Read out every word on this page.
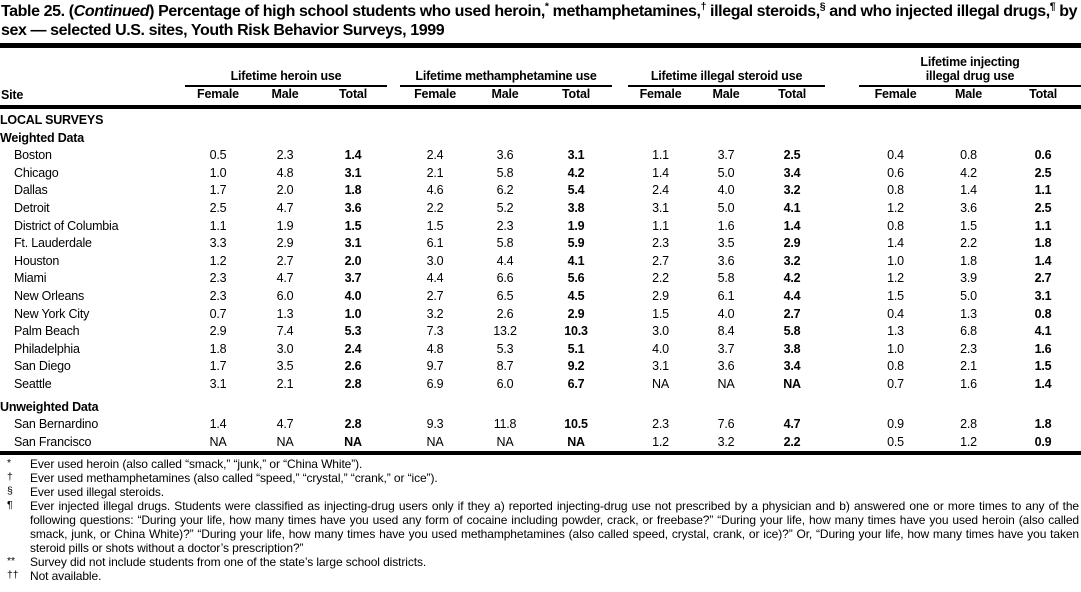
Table 25. (Continued) Percentage of high school students who used heroin,* methamphetamines,† illegal steroids,§ and who injected illegal drugs,¶ by sex — selected U.S. sites, Youth Risk Behavior Surveys, 1999
Site	Lifetime heroin use				Lifetime methamphetamine use				Lifetime illegal steroid use				Lifetime injecting illegal drug use		
	Female	Male	Total		Female	Male	Total		Female	Male	Total		Female	Male	Total
LOCAL SURVEYS															
Weighted Data															
Boston	0.5	2.3	1.4		2.4	3.6	3.1		1.1	3.7	2.5		0.4	0.8	0.6
Chicago	1.0	4.8	3.1		2.1	5.8	4.2		1.4	5.0	3.4		0.6	4.2	2.5
Dallas	1.7	2.0	1.8		4.6	6.2	5.4		2.4	4.0	3.2		0.8	1.4	1.1
Detroit	2.5	4.7	3.6		2.2	5.2	3.8		3.1	5.0	4.1		1.2	3.6	2.5
District of Columbia	1.1	1.9	1.5		1.5	2.3	1.9		1.1	1.6	1.4		0.8	1.5	1.1
Ft. Lauderdale	3.3	2.9	3.1		6.1	5.8	5.9		2.3	3.5	2.9		1.4	2.2	1.8
Houston	1.2	2.7	2.0		3.0	4.4	4.1		2.7	3.6	3.2		1.0	1.8	1.4
Miami	2.3	4.7	3.7		4.4	6.6	5.6		2.2	5.8	4.2		1.2	3.9	2.7
New Orleans	2.3	6.0	4.0		2.7	6.5	4.5		2.9	6.1	4.4		1.5	5.0	3.1
New York City	0.7	1.3	1.0		3.2	2.6	2.9		1.5	4.0	2.7		0.4	1.3	0.8
Palm Beach	2.9	7.4	5.3		7.3	13.2	10.3		3.0	8.4	5.8		1.3	6.8	4.1
Philadelphia	1.8	3.0	2.4		4.8	5.3	5.1		4.0	3.7	3.8		1.0	2.3	1.6
San Diego	1.7	3.5	2.6		9.7	8.7	9.2		3.1	3.6	3.4		0.8	2.1	1.5
Seattle	3.1	2.1	2.8		6.9	6.0	6.7		NA	NA	NA		0.7	1.6	1.4
Unweighted Data															
San Bernardino	1.4	4.7	2.8		9.3	11.8	10.5		2.3	7.6	4.7		0.9	2.8	1.8
San Francisco	NA	NA	NA		NA	NA	NA		1.2	3.2	2.2		0.5	1.2	0.9
*	Ever used heroin (also called “smack,” “junk,” or “China White”).
†	Ever used methamphetamines (also called “speed,” “crystal,” “crank,” or “ice”).
§	Ever used illegal steroids.
¶	Ever injected illegal drugs. Students were classified as injecting-drug users only if they a) reported injecting-drug use not prescribed by a physician and b) answered one or more times to any of the following questions: “During your life, how many times have you used any form of cocaine including powder, crack, or freebase?” “During your life, how many times have you used heroin (also called smack, junk, or China White)?” “During your life, how many times have you used methamphetamines (also called speed, crystal, crank, or ice)?” Or, “During your life, how many times have you taken steroid pills or shots without a doctor’s prescription?”
**	Survey did not include students from one of the state’s large school districts.
†† Not available.
